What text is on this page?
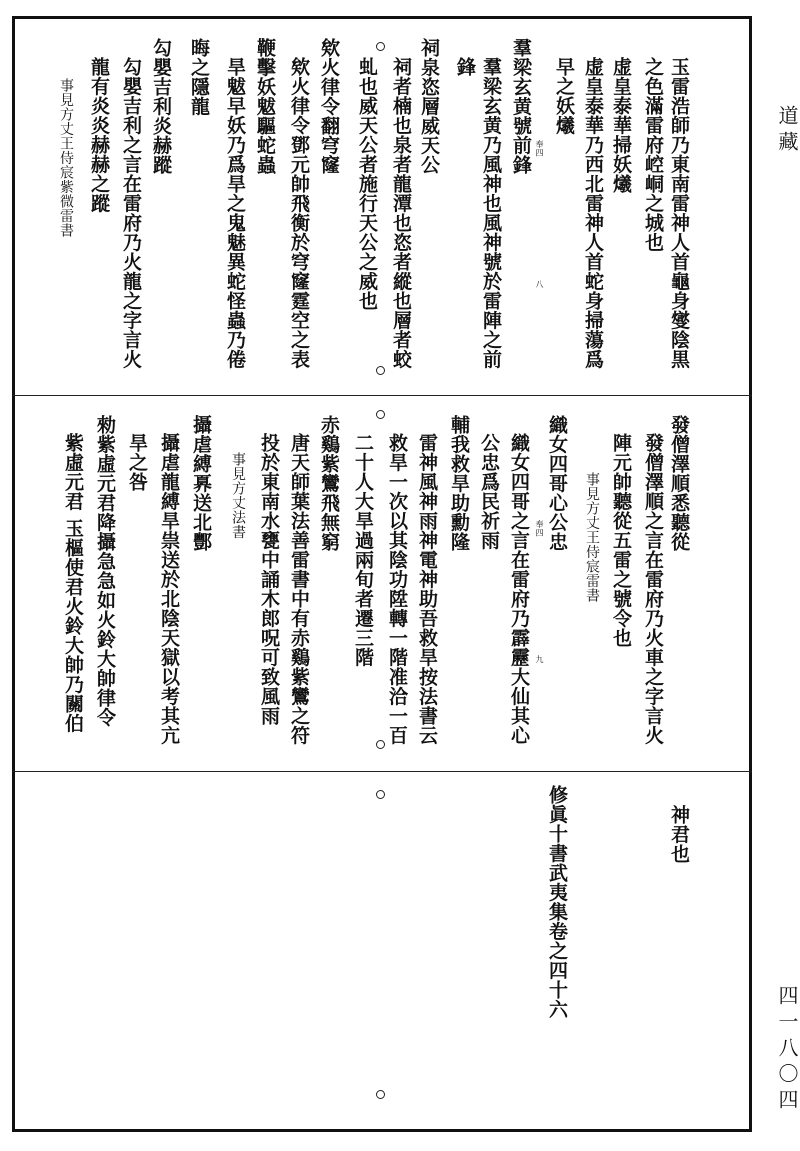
道藏
四一八〇四
玉雷浩師乃東南雷神人首龜身燮陰黒
之色滿雷府崆峒之城也
虚皇泰華掃妖爔
虚皇泰華乃西北雷神人首蛇身掃蕩爲
早之妖爔
奉四
八
羣梁玄黄號前鋒
羣梁玄黄乃風神也風神號於雷陣之前
鋒
祠泉恣層威天公
祠者楠也泉者龍潭也恣者縱也層者蛟
虬也威天公者施行天公之威也
欸火律令翻穹窿
欸火律令鄧元帥飛衡於穹窿霆空之表
鞭擊妖魃驅蛇蟲
旱魃早妖乃爲旱之鬼魅異蛇怪蟲乃倦
晦之隱龍
勾嬰吉利炎赫蹤
勾嬰吉利之言在雷府乃火龍之字言火
龍有炎炎赫赫之蹤
事見方丈王侍宸紫微雷書
發僧澤順悉聽從
發僧澤順之言在雷府乃火車之字言火
陣元帥聽從五雷之號令也
事見方丈王侍宸雷書
織女四哥心公忠
奉四
九
織女四哥之言在雷府乃霹靂大仙其心
公忠爲民祈雨
輔我救旱助勳隆
雷神風神雨神電神助吾救旱按法書云
救旱一次以其陰功陞轉一階准洽一百
二十人大旱過兩旬者遷三階
赤鷄紫鸞飛無窮
唐天師葉法善雷書中有赤鷄紫鸞之符
投於東南水甕中誦木郎呪可致風雨
事見方丈法書
攝虐縛奡送北酆
攝虐龍縛旱祟送於北陰天獄以考其亢
旱之咎
勑紫虛元君降攝急急如火鈴大帥律令
紫虛元君 玉樞使君火鈴大帥乃關伯
神君也
修眞十書武夷集卷之四十六
